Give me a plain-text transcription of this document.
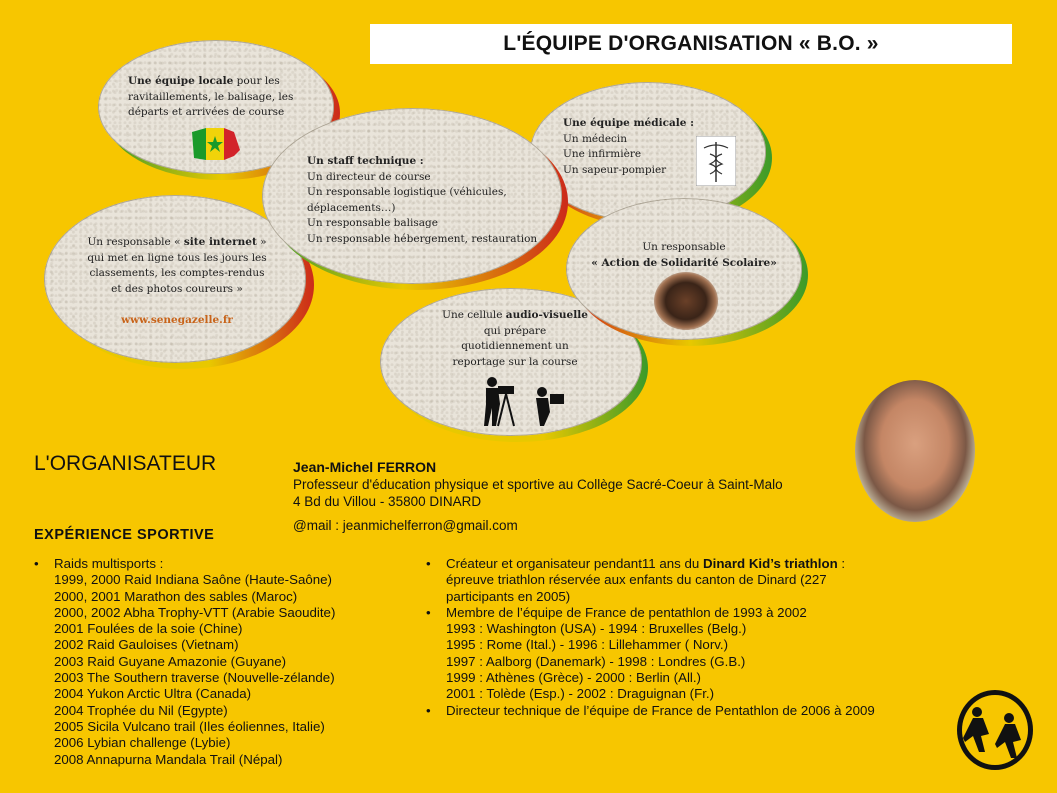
L'ÉQUIPE D'ORGANISATION « B.O. »
Une équipe locale pour les
ravitaillements, le balisage, les
départs et arrivées de course
Une équipe médicale :
Un médecin
Une infirmière
Un sapeur-pompier
Une cellule audio-visuelle
qui prépare
quotidiennement un
reportage sur la course
Un responsable « site internet »
qui met en ligne tous les jours les
classements, les comptes-rendus
et des photos coureurs »
www.senegazelle.fr
Un responsable
« Action de Solidarité Scolaire»
Un staff technique :
Un directeur de course
Un responsable logistique (véhicules,
déplacements…)
Un responsable balisage
Un responsable hébergement, restauration
L'ORGANISATEUR	Jean-Michel FERRON
Professeur d'éducation physique et sportive au Collège Sacré-Coeur à Saint-Malo
4 Bd du Villou - 35800 DINARD
@mail : jeanmichelferron@gmail.com
EXPÉRIENCE SPORTIVE
• Raids multisports :
1999, 2000 Raid Indiana Saône (Haute-Saône)
2000, 2001 Marathon des sables (Maroc)
2000, 2002 Abha Trophy-VTT (Arabie Saoudite)
2001 Foulées de la soie (Chine)
2002 Raid Gauloises (Vietnam)
2003 Raid Guyane Amazonie (Guyane)
2003 The Southern traverse (Nouvelle-zélande)
2004 Yukon Arctic Ultra (Canada)
2004 Trophée du Nil (Egypte)
2005 Sicila Vulcano trail (Iles éoliennes, Italie)
2006 Lybian challenge (Lybie)
2008 Annapurna Mandala Trail (Népal)
• Créateur et organisateur pendant11 ans du Dinard Kid’s triathlon :
épreuve triathlon réservée aux enfants du canton de Dinard (227
participants en 2005)
• Membre de l’équipe de France de pentathlon de 1993 à 2002
1993 : Washington (USA) - 1994 : Bruxelles (Belg.)
1995 : Rome (Ital.) - 1996 : Lillehammer ( Norv.)
1997 : Aalborg (Danemark) - 1998 : Londres (G.B.)
1999 : Athènes (Grèce) - 2000 : Berlin (All.)
2001 : Tolède (Esp.) - 2002 : Draguignan (Fr.)
• Directeur technique de l’équipe de France de Pentathlon de 2006 à 2009
